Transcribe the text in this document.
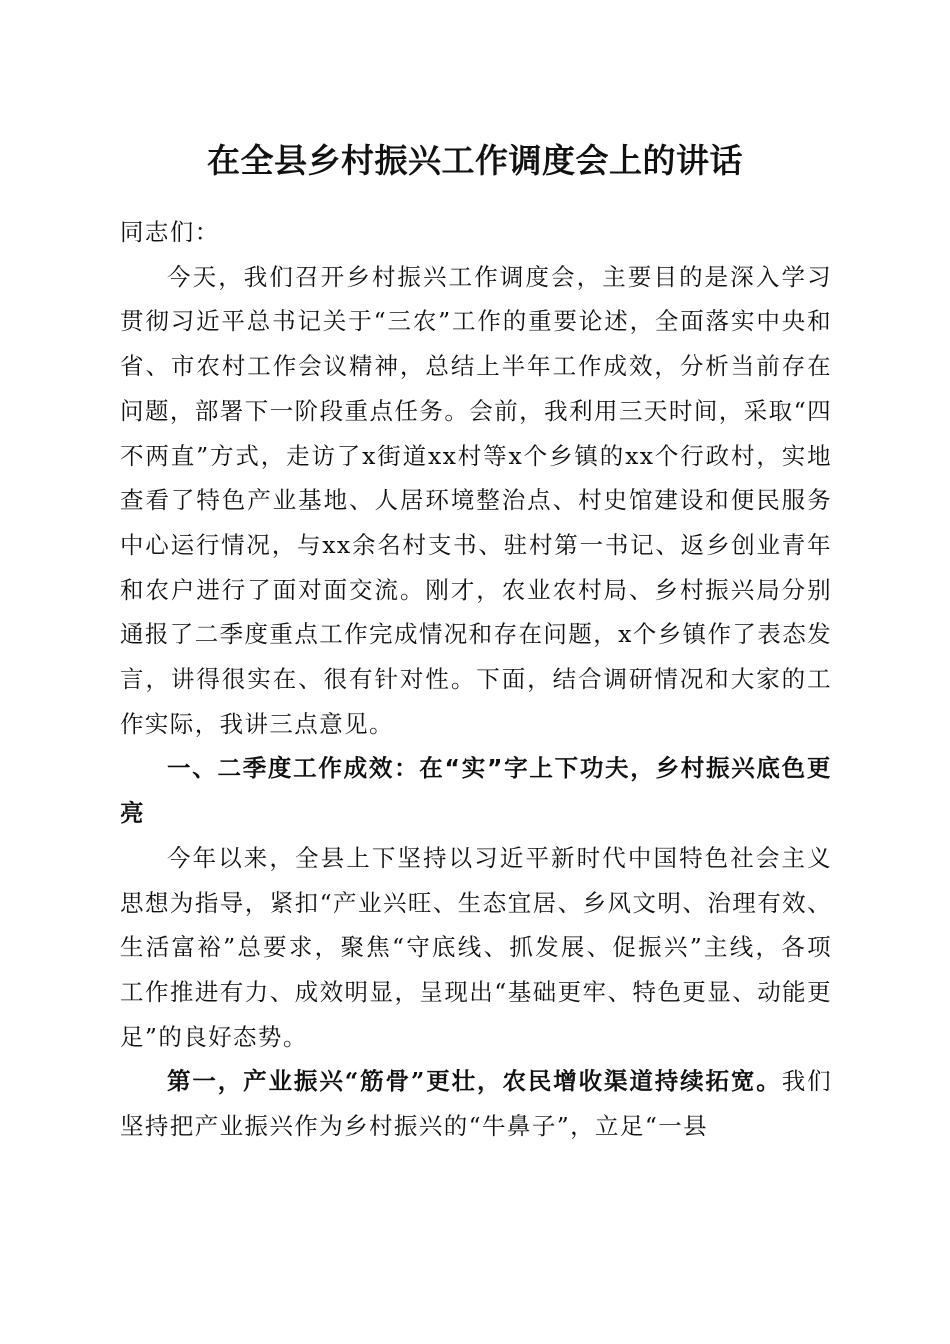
在全县乡村振兴工作调度会上的讲话

同志们：

今天，我们召开乡村振兴工作调度会，主要目的是深入学习贯彻习近平总书记关于“三农”工作的重要论述，全面落实中央和省、市农村工作会议精神，总结上半年工作成效，分析当前存在问题，部署下一阶段重点任务。会前，我利用三天时间，采取“四不两直”方式，走访了x街道xx村等x个乡镇的xx个行政村，实地查看了特色产业基地、人居环境整治点、村史馆建设和便民服务中心运行情况，与xx余名村支书、驻村第一书记、返乡创业青年和农户进行了面对面交流。刚才，农业农村局、乡村振兴局分别通报了二季度重点工作完成情况和存在问题，x个乡镇作了表态发言，讲得很实在、很有针对性。下面，结合调研情况和大家的工作实际，我讲三点意见。

一、二季度工作成效：在“实”字上下功夫，乡村振兴底色更亮

今年以来，全县上下坚持以习近平新时代中国特色社会主义思想为指导，紧扣“产业兴旺、生态宜居、乡风文明、治理有效、生活富裕”总要求，聚焦“守底线、抓发展、促振兴”主线，各项工作推进有力、成效明显，呈现出“基础更牢、特色更显、动能更足”的良好态势。

第一，产业振兴“筋骨”更壮，农民增收渠道持续拓宽。我们坚持把产业振兴作为乡村振兴的“牛鼻子”，立足“一县
